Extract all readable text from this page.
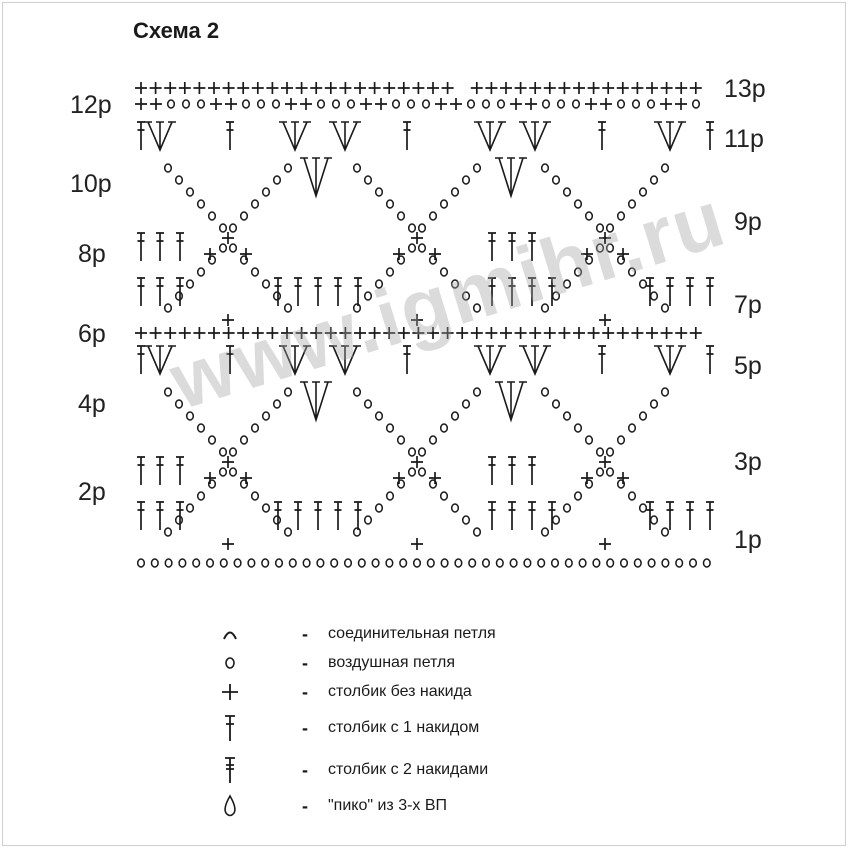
Схема 2
12р
10р
8р
6р
4р
2р
13р
11р
9р
7р
5р
3р
1р
www.igmihr.ru
-	соединительная петля
-	воздушная петля
-	столбик без накида
-	столбик с 1 накидом
-	столбик с 2 накидами
-	"пико" из 3-х ВП
